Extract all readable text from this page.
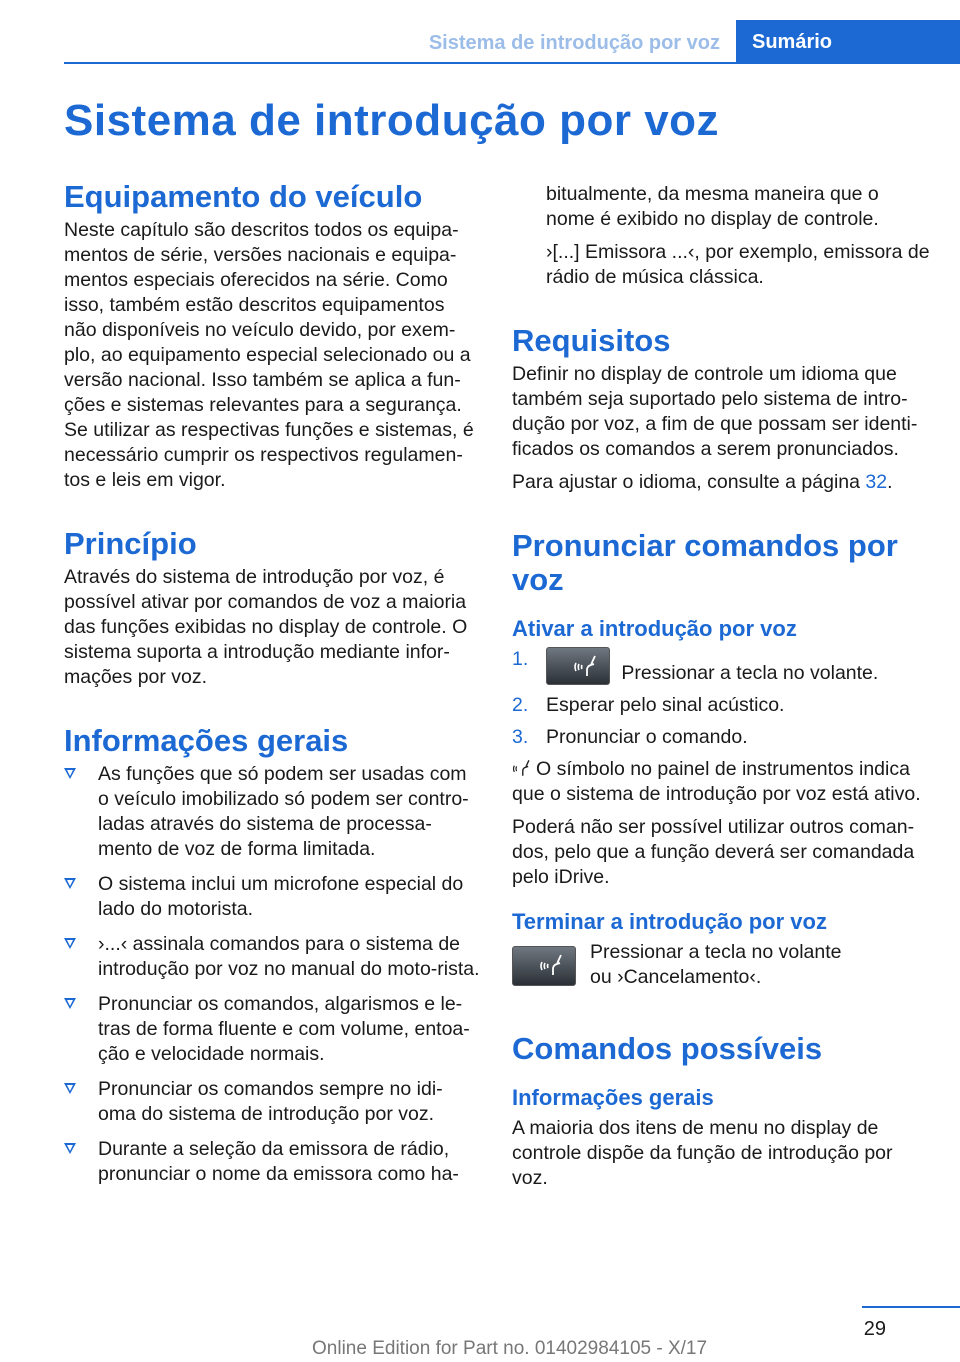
Sistema de introdução por voz	Sumário
Sistema de introdução por voz
Equipamento do veículo

Neste capítulo são descritos todos os equipa-mentos de série, versões nacionais e equipa-mentos especiais oferecidos na série. Como isso, também estão descritos equipamentos não disponíveis no veículo devido, por exem-plo, ao equipamento especial selecionado ou a versão nacional. Isso também se aplica a fun-ções e sistemas relevantes para a segurança. Se utilizar as respectivas funções e sistemas, é necessário cumprir os respectivos regulamen-tos e leis em vigor.

Princípio

Através do sistema de introdução por voz, é possível ativar por comandos de voz a maioria das funções exibidas no display de controle. O sistema suporta a introdução mediante infor-mações por voz.

Informações gerais
As funções que só podem ser usadas com o veículo imobilizado só podem ser contro-ladas através do sistema de processa-mento de voz de forma limitada.
O sistema inclui um microfone especial do lado do motorista.
›...‹ assinala comandos para o sistema de introdução por voz no manual do moto-rista.
Pronunciar os comandos, algarismos e le-tras de forma fluente e com volume, entoa-ção e velocidade normais.
Pronunciar os comandos sempre no idi-oma do sistema de introdução por voz.
Durante a seleção da emissora de rádio, pronunciar o nome da emissora como ha-

bitualmente, da mesma maneira que o nome é exibido no display de controle.

›[...] Emissora ...‹, por exemplo, emissora de rádio de música clássica.

Requisitos

Definir no display de controle um idioma que também seja suportado pelo sistema de intro-dução por voz, a fim de que possam ser identi-ficados os comandos a serem pronunciados.

Para ajustar o idioma, consulte a página 32.

Pronunciar comandos por voz
Ativar a introdução por voz
1.
Pressionar a tecla no volante.
2. Esperar pelo sinal acústico.
3. Pronunciar o comando.

O símbolo no painel de instrumentos indica que o sistema de introdução por voz está ativo.

Poderá não ser possível utilizar outros coman-dos, pelo que a função deverá ser comandada pelo iDrive.

Terminar a introdução por voz

Pressionar a tecla no volante ou ›Cancelamento‹.

Comandos possíveis
Informações gerais

A maioria dos itens de menu no display de controle dispõe da função de introdução por voz.

29
Online Edition for Part no. 01402984105 - X/17
